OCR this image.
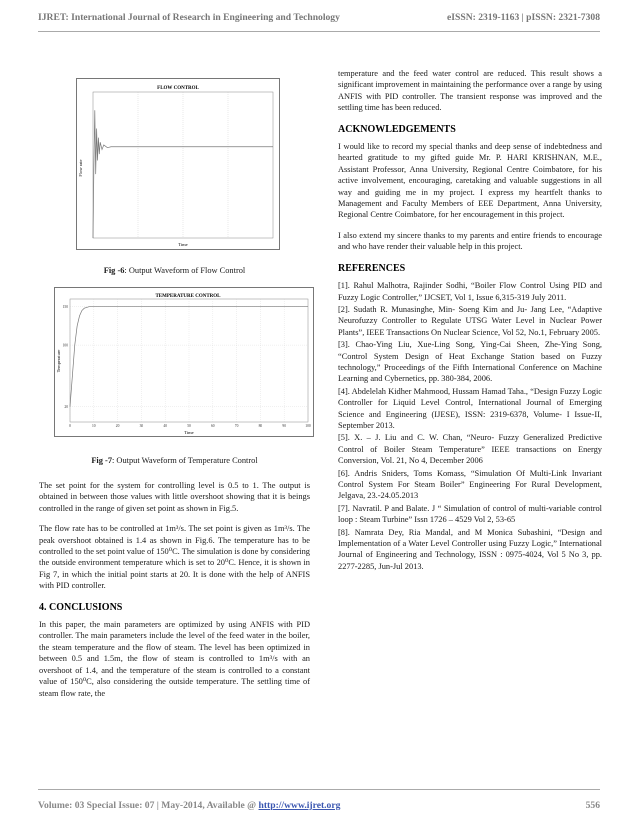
IJRET: International Journal of Research in Engineering and Technology	eISSN: 2319-1163 | pISSN: 2321-7308
FLOW CONTROL
Time
Flow rate
Fig -6: Output Waveform of Flow Control
TEMPERATURE CONTROL
0	10	20	30	40	50	60	70	80	90	100
20
100
150
Time
Temperature
Fig -7: Output Waveform of Temperature Control

The set point for the system for controlling level is 0.5 to 1. The output is obtained in between those values with little overshoot showing that it is beings controlled in the range of given set point as shown in Fig.5.

The flow rate has to be controlled at 1m³/s. The set point is given as 1m³/s. The peak overshoot obtained is 1.4 as shown in Fig.6. The temperature has to be controlled to the set point value of 150⁰C. The simulation is done by considering the outside environment temperature which is set to 20⁰C. Hence, it is shown in Fig 7, in which the initial point starts at 20. It is done with the help of ANFIS with PID controller.

4. CONCLUSIONS

In this paper, the main parameters are optimized by using ANFIS with PID controller. The main parameters include the level of the feed water in the boiler, the steam temperature and the flow of steam. The level has been optimized in between 0.5 and 1.5m, the flow of steam is controlled to 1m³/s with an overshoot of 1.4, and the temperature of the steam is controlled to a constant value of 150⁰C, also considering the outside temperature. The settling time of steam flow rate, the

temperature and the feed water control are reduced. This result shows a significant improvement in maintaining the performance over a range by using ANFIS with PID controller. The transient response was improved and the settling time has been reduced.

ACKNOWLEDGEMENTS

I would like to record my special thanks and deep sense of indebtedness and hearted gratitude to my gifted guide Mr. P. HARI KRISHNAN, M.E., Assistant Professor, Anna University, Regional Centre Coimbatore, for his active involvement, encouraging, caretaking and valuable suggestions in all way and guiding me in my project. I express my heartfelt thanks to Management and Faculty Members of EEE Department, Anna University, Regional Centre Coimbatore, for her encouragement in this project.

I also extend my sincere thanks to my parents and entire friends to encourage and who have render their valuable help in this project.

REFERENCES

[1]. Rahul Malhotra, Rajinder Sodhi, “Boiler Flow Control Using PID and Fuzzy Logic Controller,” IJCSET, Vol 1, Issue 6,315-319 July 2011.

[2]. Sudath R. Munasinghe, Min- Soeng Kim and Ju- Jang Lee, “Adaptive Neurofuzzy Controller to Regulate UTSG Water Level in Nuclear Power Plants”, IEEE Transactions On Nuclear Science, Vol 52, No.1, February 2005.

[3]. Chao-Ying Liu, Xue-Ling Song, Ying-Cai Sheen, Zhe-Ying Song, “Control System Design of Heat Exchange Station based on Fuzzy technology,” Proceedings of the Fifth International Conference on Machine Learning and Cybernetics, pp. 380-384, 2006.

[4]. Abdelelah Kidher Mahmood, Hussam Hamad Taha., “Design Fuzzy Logic Controller for Liquid Level Control, International Journal of Emerging Science and Engineering (IJESE), ISSN: 2319-6378, Volume- I Issue-II, September 2013.

[5]. X. – J. Liu and C. W. Chan, “Neuro- Fuzzy Generalized Predictive Control of Boiler Steam Temperature” IEEE transactions on Energy Conversion, Vol. 21, No 4, December 2006

[6]. Andris Sniders, Toms Komass, “Simulation Of Multi-Link Invariant Control System For Steam Boiler” Engineering For Rural Development, Jelgava, 23.-24.05.2013

[7]. Navratil. P and Balate. J “ Simulation of control of multi-variable control loop : Steam Turbine” Issn 1726 – 4529 Vol 2, 53-65

[8]. Namrata Dey, Ria Mandal, and M Monica Subashini, “Design and Implementation of a Water Level Controller using Fuzzy Logic,” International Journal of Engineering and Technology, ISSN : 0975-4024, Vol 5 No 3, pp. 2277-2285, Jun-Jul 2013.

Volume: 03 Special Issue: 07 | May-2014, Available @ http://www.ijret.org	556
